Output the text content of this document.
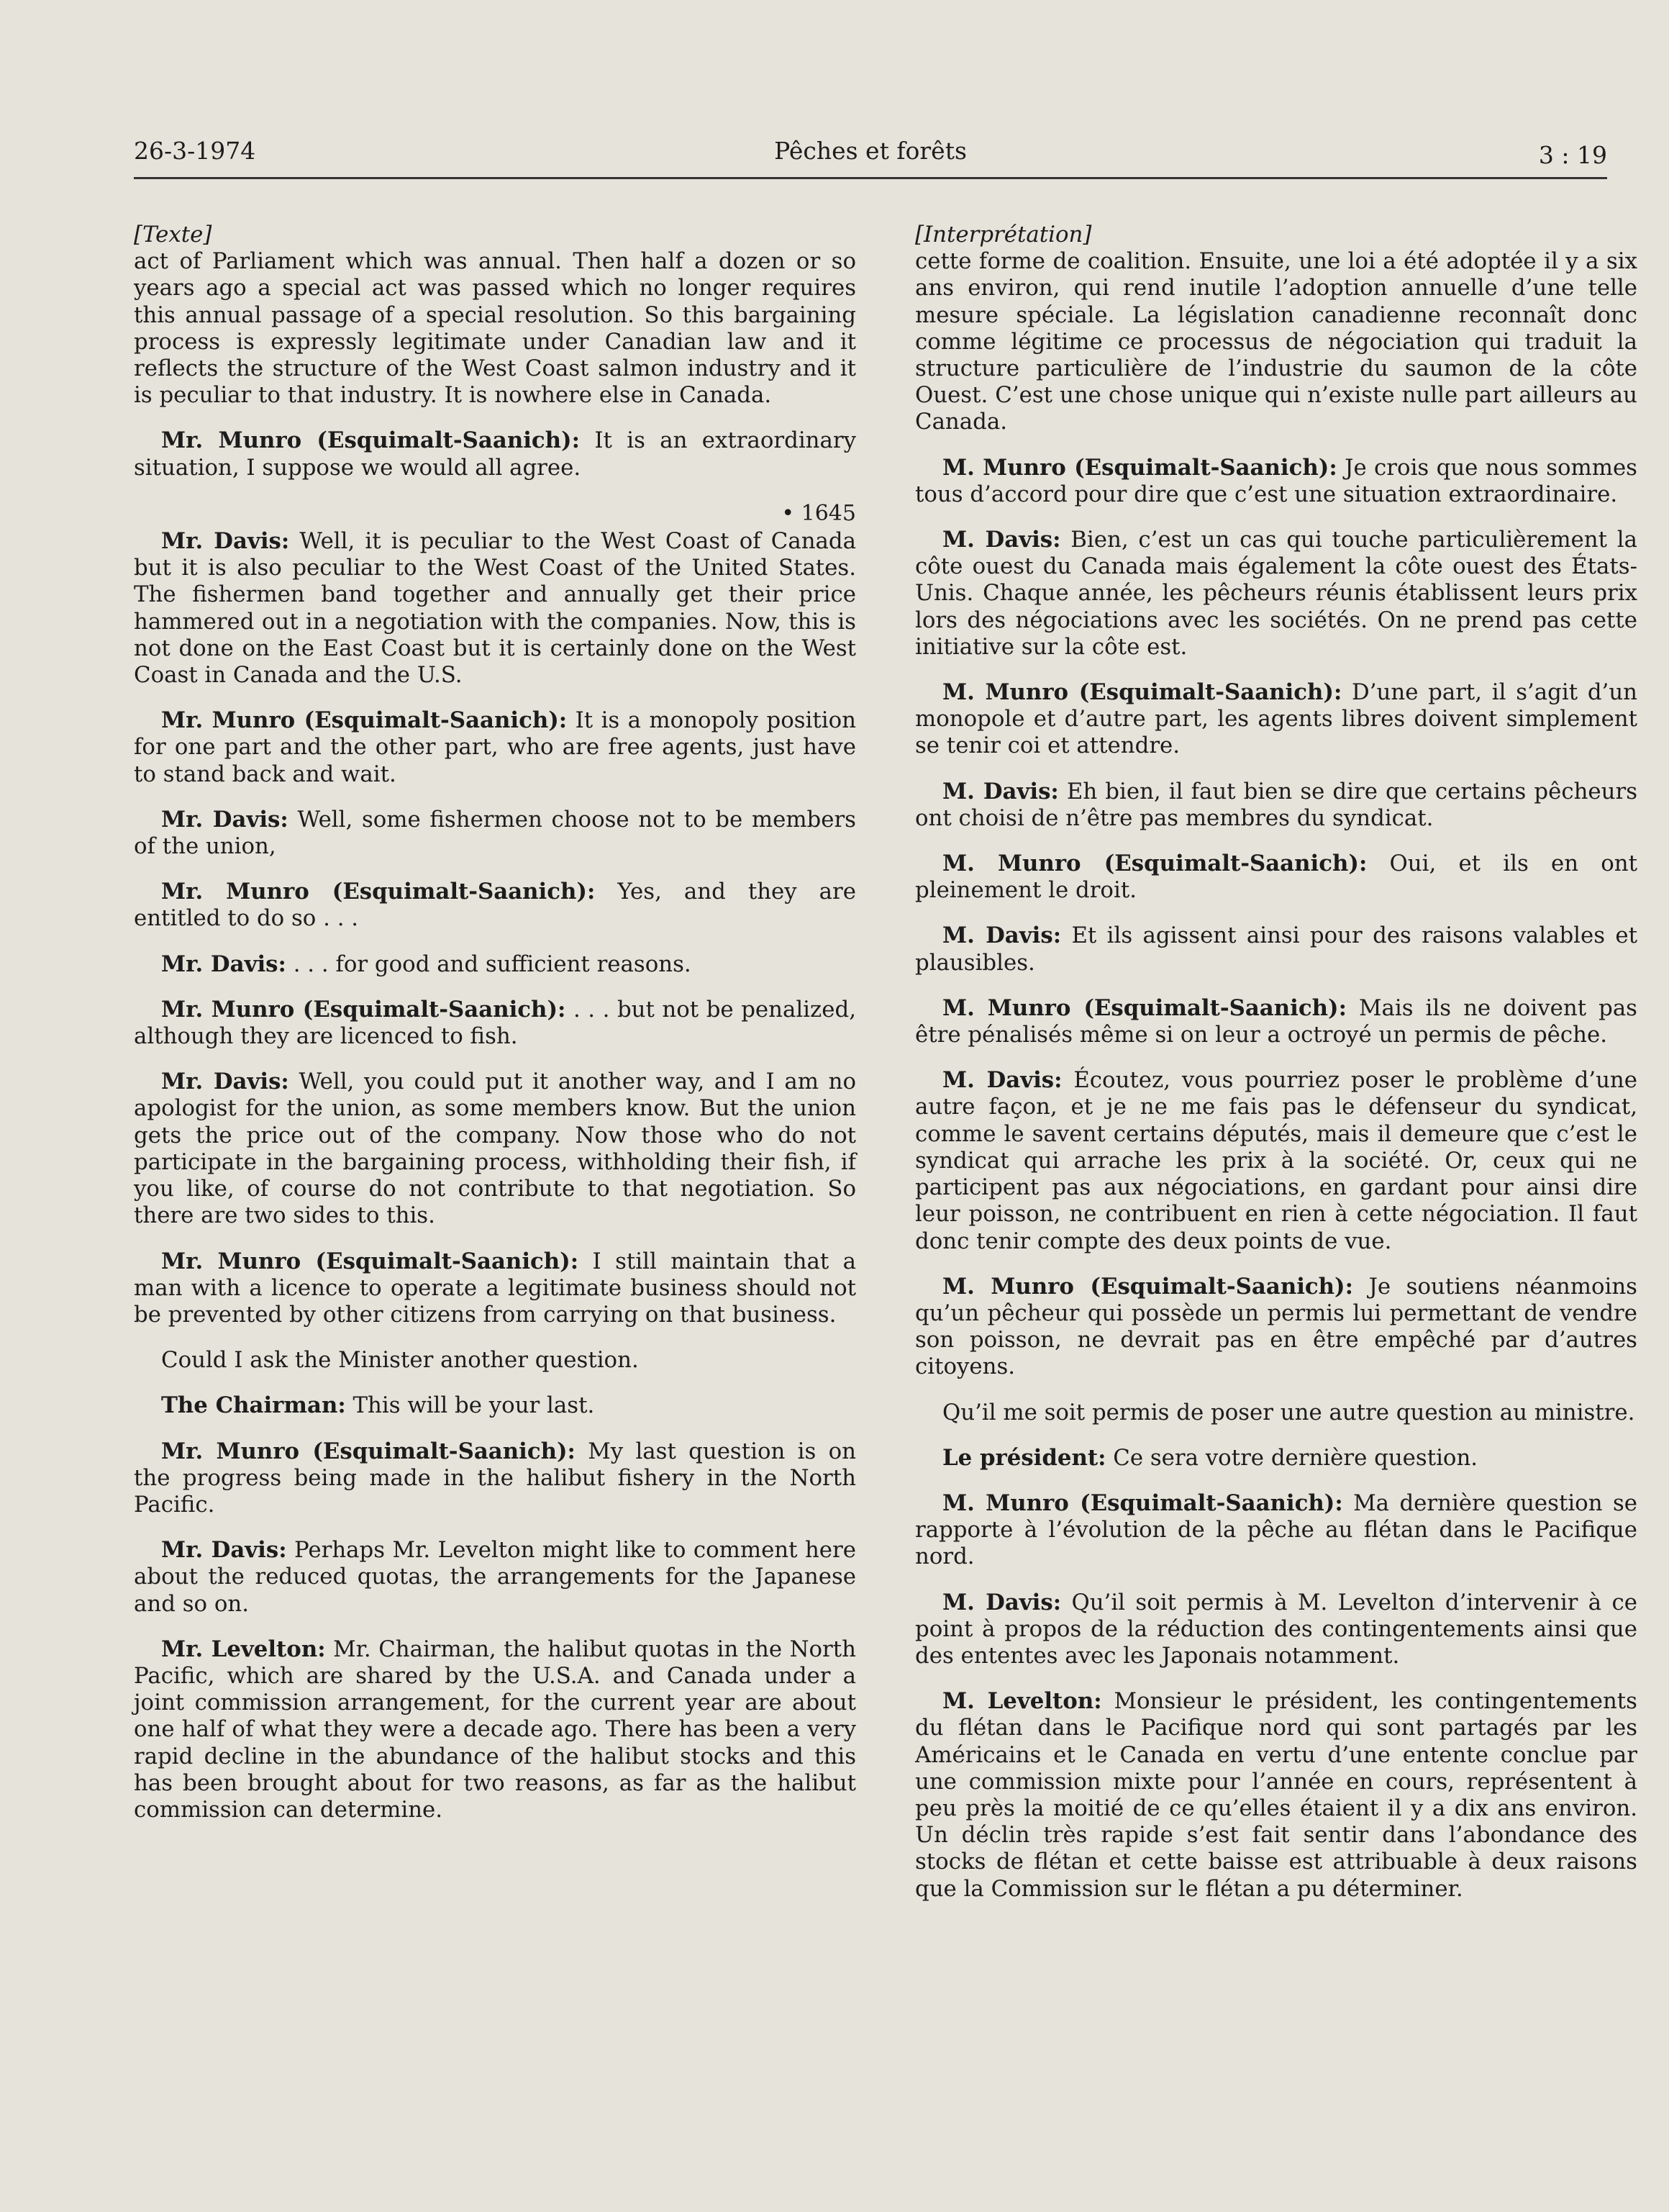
26-3-1974	Pêches et forêts	3 : 19
[Texte]

act of Parliament which was annual. Then half a dozen or so years ago a special act was passed which no longer requires this annual passage of a special resolution. So this bargaining process is expressly legitimate under Canadian law and it reflects the structure of the West Coast salmon industry and it is peculiar to that industry. It is nowhere else in Canada.

Mr. Munro (Esquimalt-Saanich): It is an extraordinary situation, I suppose we would all agree.

• 1645

Mr. Davis: Well, it is peculiar to the West Coast of Canada but it is also peculiar to the West Coast of the United States. The fishermen band together and annually get their price hammered out in a negotiation with the companies. Now, this is not done on the East Coast but it is certainly done on the West Coast in Canada and the U.S.

Mr. Munro (Esquimalt-Saanich): It is a monopoly position for one part and the other part, who are free agents, just have to stand back and wait.

Mr. Davis: Well, some fishermen choose not to be members of the union,

Mr. Munro (Esquimalt-Saanich): Yes, and they are entitled to do so . . .

Mr. Davis: . . . for good and sufficient reasons.

Mr. Munro (Esquimalt-Saanich): . . . but not be penalized, although they are licenced to fish.

Mr. Davis: Well, you could put it another way, and I am no apologist for the union, as some members know. But the union gets the price out of the company. Now those who do not participate in the bargaining process, withholding their fish, if you like, of course do not contribute to that negotiation. So there are two sides to this.

Mr. Munro (Esquimalt-Saanich): I still maintain that a man with a licence to operate a legitimate business should not be prevented by other citizens from carrying on that business.

Could I ask the Minister another question.

The Chairman: This will be your last.

Mr. Munro (Esquimalt-Saanich): My last question is on the progress being made in the halibut fishery in the North Pacific.

Mr. Davis: Perhaps Mr. Levelton might like to comment here about the reduced quotas, the arrangements for the Japanese and so on.

Mr. Levelton: Mr. Chairman, the halibut quotas in the North Pacific, which are shared by the U.S.A. and Canada under a joint commission arrangement, for the current year are about one half of what they were a decade ago. There has been a very rapid decline in the abundance of the halibut stocks and this has been brought about for two reasons, as far as the halibut commission can determine.

[Interprétation]

cette forme de coalition. Ensuite, une loi a été adoptée il y a six ans environ, qui rend inutile l’adoption annuelle d’une telle mesure spéciale. La législation canadienne reconnaît donc comme légitime ce processus de négociation qui traduit la structure particulière de l’industrie du saumon de la côte Ouest. C’est une chose unique qui n’existe nulle part ailleurs au Canada.

M. Munro (Esquimalt-Saanich): Je crois que nous sommes tous d’accord pour dire que c’est une situation extraordinaire.

M. Davis: Bien, c’est un cas qui touche particulièrement la côte ouest du Canada mais également la côte ouest des États-Unis. Chaque année, les pêcheurs réunis établissent leurs prix lors des négociations avec les sociétés. On ne prend pas cette initiative sur la côte est.

M. Munro (Esquimalt-Saanich): D’une part, il s’agit d’un monopole et d’autre part, les agents libres doivent simplement se tenir coi et attendre.

M. Davis: Eh bien, il faut bien se dire que certains pêcheurs ont choisi de n’être pas membres du syndicat.

M. Munro (Esquimalt-Saanich): Oui, et ils en ont pleinement le droit.

M. Davis: Et ils agissent ainsi pour des raisons valables et plausibles.

M. Munro (Esquimalt-Saanich): Mais ils ne doivent pas être pénalisés même si on leur a octroyé un permis de pêche.

M. Davis: Écoutez, vous pourriez poser le problème d’une autre façon, et je ne me fais pas le défenseur du syndicat, comme le savent certains députés, mais il demeure que c’est le syndicat qui arrache les prix à la société. Or, ceux qui ne participent pas aux négociations, en gardant pour ainsi dire leur poisson, ne contribuent en rien à cette négociation. Il faut donc tenir compte des deux points de vue.

M. Munro (Esquimalt-Saanich): Je soutiens néanmoins qu’un pêcheur qui possède un permis lui permettant de vendre son poisson, ne devrait pas en être empêché par d’autres citoyens.

Qu’il me soit permis de poser une autre question au ministre.

Le président: Ce sera votre dernière question.

M. Munro (Esquimalt-Saanich): Ma dernière question se rapporte à l’évolution de la pêche au flétan dans le Pacifique nord.

M. Davis: Qu’il soit permis à M. Levelton d’intervenir à ce point à propos de la réduction des contingentements ainsi que des ententes avec les Japonais notamment.

M. Levelton: Monsieur le président, les contingentements du flétan dans le Pacifique nord qui sont partagés par les Américains et le Canada en vertu d’une entente conclue par une commission mixte pour l’année en cours, représentent à peu près la moitié de ce qu’elles étaient il y a dix ans environ. Un déclin très rapide s’est fait sentir dans l’abondance des stocks de flétan et cette baisse est attribuable à deux raisons que la Commission sur le flétan a pu déterminer.
